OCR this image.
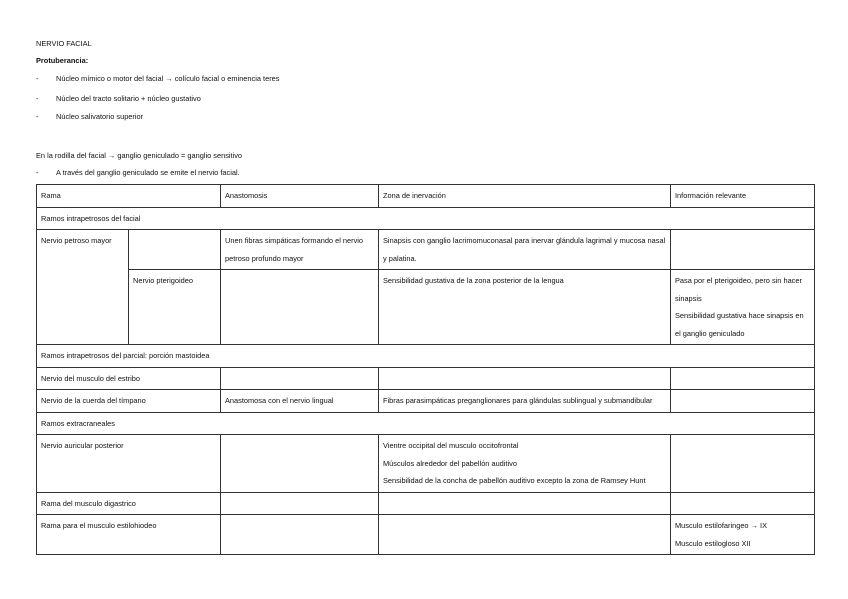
NERVIO FACIAL
Protuberancia:
- Núcleo mímico o motor del facial → colículo facial o eminencia teres
- Núcleo del tracto solitario + núcleo gustativo
- Núcleo salivatorio superior
En la rodilla del facial → ganglio geniculado = ganglio sensitivo
- A través del ganglio geniculado se emite el nervio facial.
Rama		Anastomosis	Zona de inervación	Información relevante
Ramos intrapetrosos del facial				
Nervio petroso mayor		Unen fibras simpáticas formando el nervio petroso profundo mayor	Sinapsis con ganglio lacrimomuconasal para inervar glándula lagrimal y mucosa nasal y palatina.	
	Nervio pterigoideo		Sensibilidad gustativa de la zona posterior de la lengua	Pasa por el pterigoideo, pero sin hacer sinapsis
Sensibilidad gustativa hace sinapsis en el ganglio geniculado

Ramos intrapetrosos del parcial: porción mastoidea				
Nervio del musculo del estribo				
Nervio de la cuerda del tímpano		Anastomosa con el nervio lingual	Fibras parasimpáticas preganglionares para glándulas sublingual y submandibular	
Ramos extracraneales				
Nervio auricular posterior			Vientre occipital del musculo occitofrontal
Músculos alrededor del pabellón auditivo
Sensibilidad de la concha de pabellón auditivo excepto la zona de Ramsey Hunt	

Rama del musculo digastrico				
Rama para el musculo estilohiodeo				Musculo estilofaringeo → IX
Musculo estilogloso XII
